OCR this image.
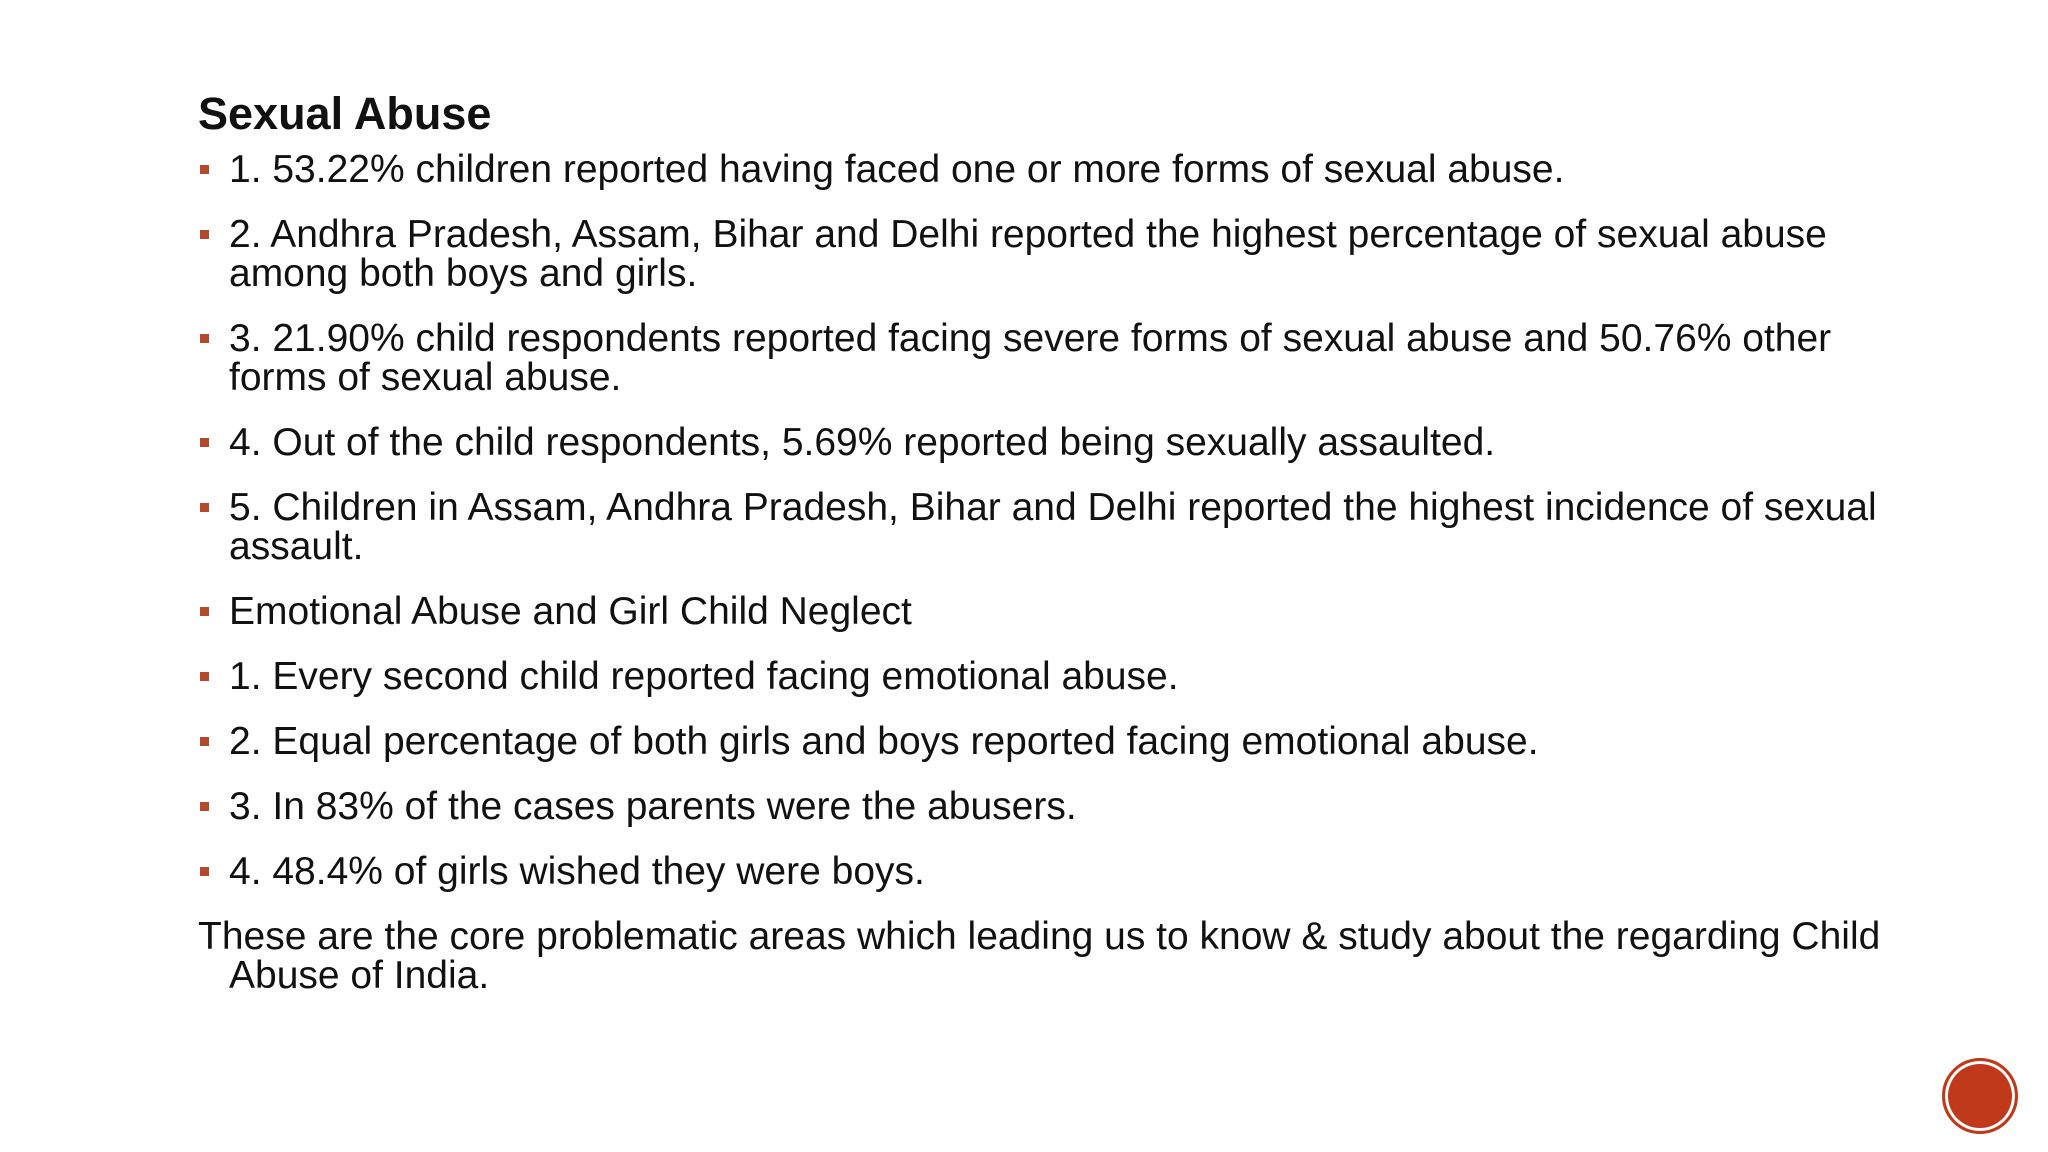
Sexual Abuse
1. 53.22% children reported having faced one or more forms of sexual abuse.
2. Andhra Pradesh, Assam, Bihar and Delhi reported the highest percentage of sexual abuse among both boys and girls.
3. 21.90% child respondents reported facing severe forms of sexual abuse and 50.76% other forms of sexual abuse.
4. Out of the child respondents, 5.69% reported being sexually assaulted.
5. Children in Assam, Andhra Pradesh, Bihar and Delhi reported the highest incidence of sexual assault.
Emotional Abuse and Girl Child Neglect
1. Every second child reported facing emotional abuse.
2. Equal percentage of both girls and boys reported facing emotional abuse.
3. In 83% of the cases parents were the abusers.
4. 48.4% of girls wished they were boys.

These are the core problematic areas which leading us to know & study about the regarding Child Abuse of India.
